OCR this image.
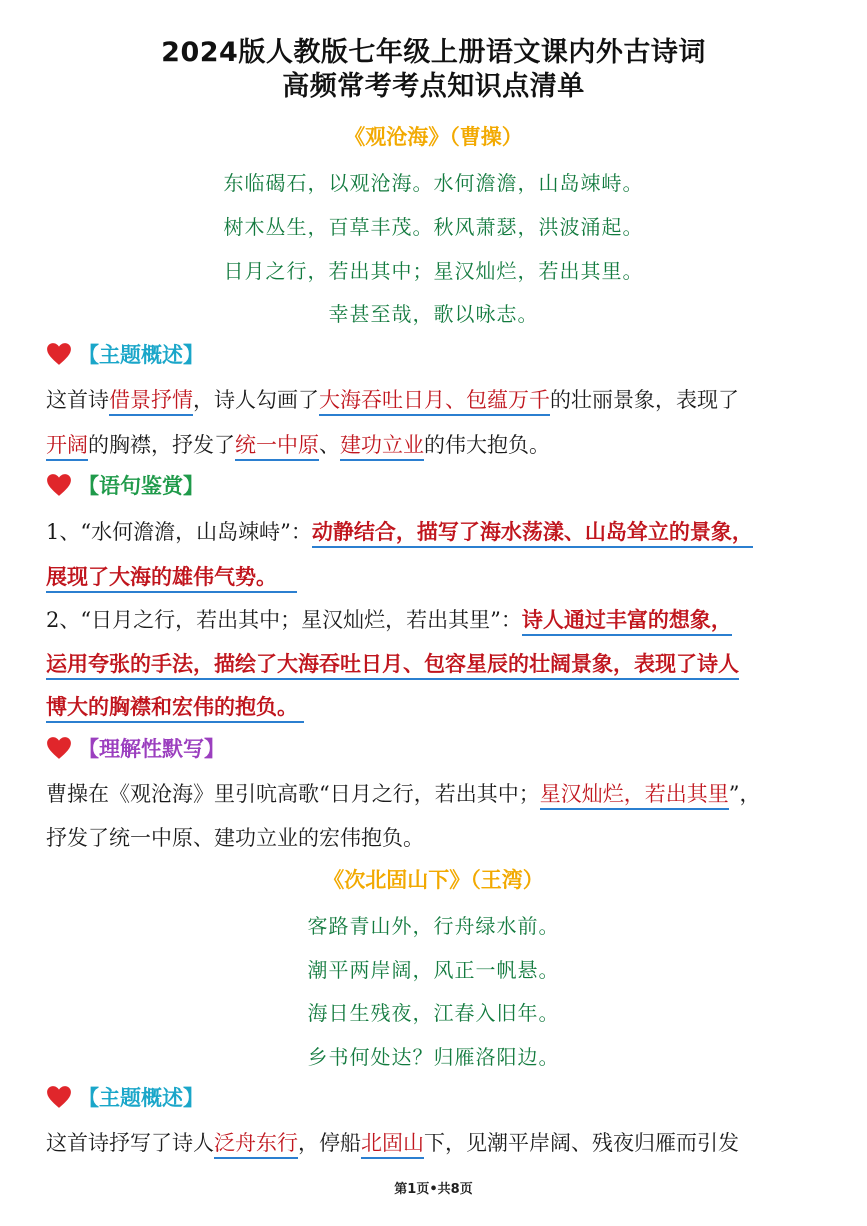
2024版人教版七年级上册语文课内外古诗词
高频常考考点知识点清单
《观沧海》（曹操）
东临碣石，以观沧海。水何澹澹，山岛竦峙。
树木丛生，百草丰茂。秋风萧瑟，洪波涌起。
日月之行，若出其中；星汉灿烂，若出其里。
幸甚至哉，歌以咏志。
【主题概述】
这首诗借景抒情，诗人勾画了大海吞吐日月、包蕴万千的壮丽景象，表现了
开阔的胸襟，抒发了统一中原、建功立业的伟大抱负。
【语句鉴赏】
1、“水何澹澹，山岛竦峙”：动静结合，描写了海水荡漾、山岛耸立的景象，
展现了大海的雄伟气势。
2、“日月之行，若出其中；星汉灿烂，若出其里”：诗人通过丰富的想象，
运用夸张的手法，描绘了大海吞吐日月、包容星辰的壮阔景象，表现了诗人
博大的胸襟和宏伟的抱负。
【理解性默写】
曹操在《观沧海》里引吭高歌“日月之行，若出其中；星汉灿烂，若出其里”，
抒发了统一中原、建功立业的宏伟抱负。
《次北固山下》（王湾）
客路青山外，行舟绿水前。
潮平两岸阔，风正一帆悬。
海日生残夜，江春入旧年。
乡书何处达？归雁洛阳边。
【主题概述】
这首诗抒写了诗人泛舟东行，停船北固山下，见潮平岸阔、残夜归雁而引发
第1页•共8页
